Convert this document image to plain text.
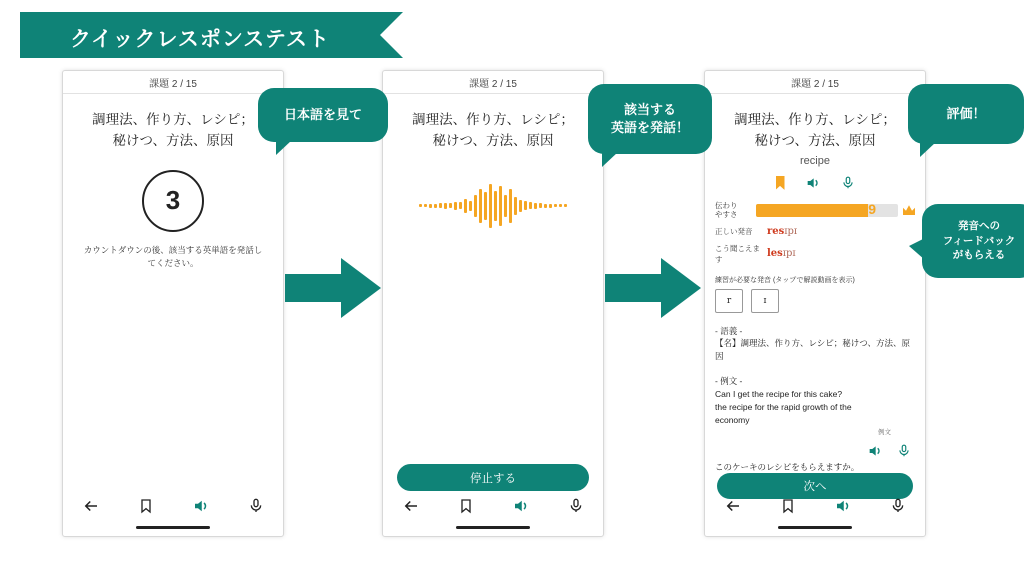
クイックレスポンステスト
課題 2 / 15
調理法、作り方、レシピ；
秘けつ、方法、原因
3
カウントダウンの後、該当する英単語を発話し てください。
課題 2 / 15
調理法、作り方、レシピ；
秘けつ、方法、原因
停止する
課題 2 / 15
調理法、作り方、レシピ；
秘けつ、方法、原因
recipe
伝わり
やすさ	79
正しい発音	resɪpɪ
こう聞こえます	lesɪpɪ
練習が必要な発音 (タップで解説動画を表示)
r	ɪ
- 語義 -
【名】調理法、作り方、レシピ；秘けつ、方法、原
因
- 例文 -
Can I get the recipe for this cake?
the recipe for the rapid growth of the
economy
例文
このケーキのレシピをもらえますか。
次へ
日本語を見て	該当する
英語を発話！
評価！
発音への
フィードバック
がもらえる
